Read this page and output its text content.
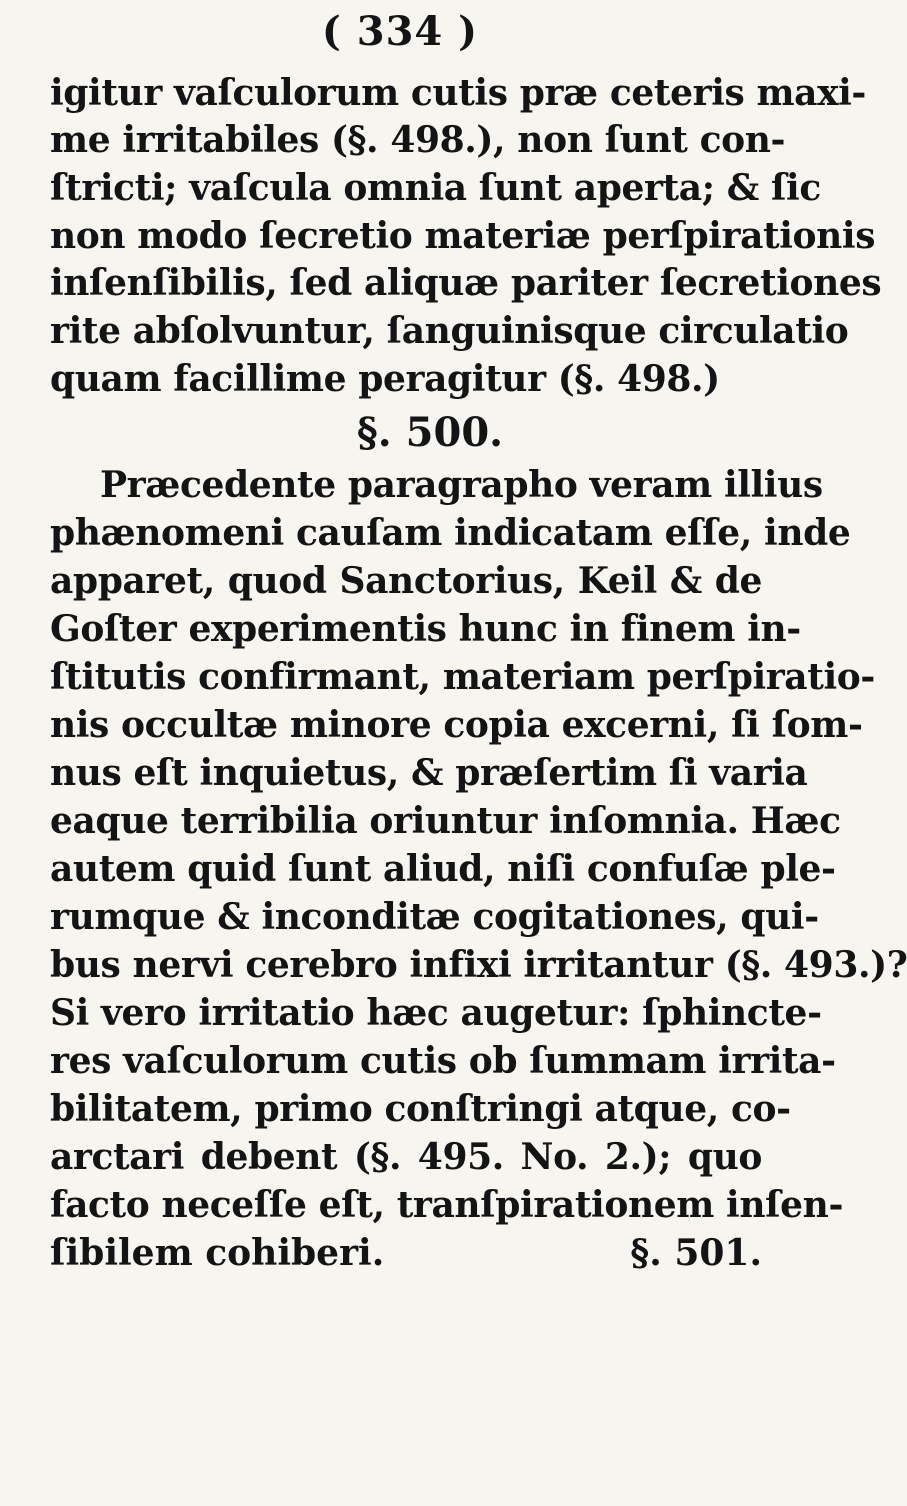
( 334 )
igitur vaſculorum cutis præ ceteris maxi-
me irritabiles (§. 498.), non ſunt con-
ſtricti; vaſcula omnia ſunt aperta; & ſic
non modo ſecretio materiæ perſpirationis
inſenſibilis, ſed aliquæ pariter ſecretiones
rite abſolvuntur, ſanguinisque circulatio
quam facillime peragitur (§. 498.)
§. 500.
Præcedente paragrapho veram illius
phænomeni cauſam indicatam eſſe, inde
apparet, quod Sanctorius, Keil & de
Goſter experimentis hunc in finem in-
ſtitutis confirmant, materiam perſpiratio-
nis occultæ minore copia excerni, ſi ſom-
nus eſt inquietus, & præſertim ſi varia
eaque terribilia oriuntur inſomnia. Hæc
autem quid ſunt aliud, niſi confuſæ ple-
rumque & inconditæ cogitationes, qui-
bus nervi cerebro infixi irritantur (§. 493.)?
Si vero irritatio hæc augetur: ſphincte-
res vaſculorum cutis ob ſummam irrita-
bilitatem, primo conſtringi atque, co-
arctari debent (§. 495. No. 2.); quo
facto neceſſe eſt, tranſpirationem inſen-
ſibilem cohiberi.	§. 501.
